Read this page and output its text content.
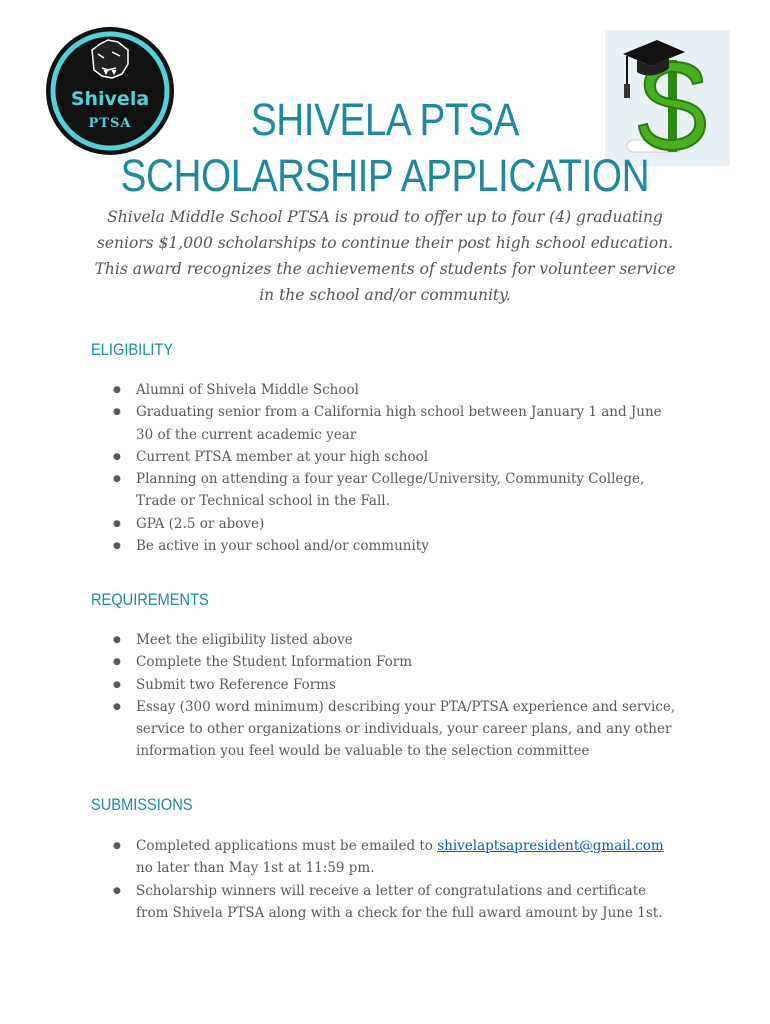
Shivela
PTSA	SHIVELA PTSA
SCHOLARSHIP APPLICATION
Shivela Middle School PTSA is proud to offer up to four (4) graduating seniors $1,000 scholarships to continue their post high school education. This award recognizes the achievements of students for volunteer service in the school and/or community.
ELIGIBILITY
● Alumni of Shivela Middle School
● Graduating senior from a California high school between January 1 and June 30 of the current academic year
● Current PTSA member at your high school
● Planning on attending a four year College/University, Community College, Trade or Technical school in the Fall.
● GPA (2.5 or above)
● Be active in your school and/or community
REQUIREMENTS
● Meet the eligibility listed above
● Complete the Student Information Form
● Submit two Reference Forms
● Essay (300 word minimum) describing your PTA/PTSA experience and service, service to other organizations or individuals, your career plans, and any other information you feel would be valuable to the selection committee
SUBMISSIONS
● Completed applications must be emailed to shivelaptsapresident@gmail.com no later than May 1st at 11:59 pm.
● Scholarship winners will receive a letter of congratulations and certificate from Shivela PTSA along with a check for the full award amount by June 1st.
